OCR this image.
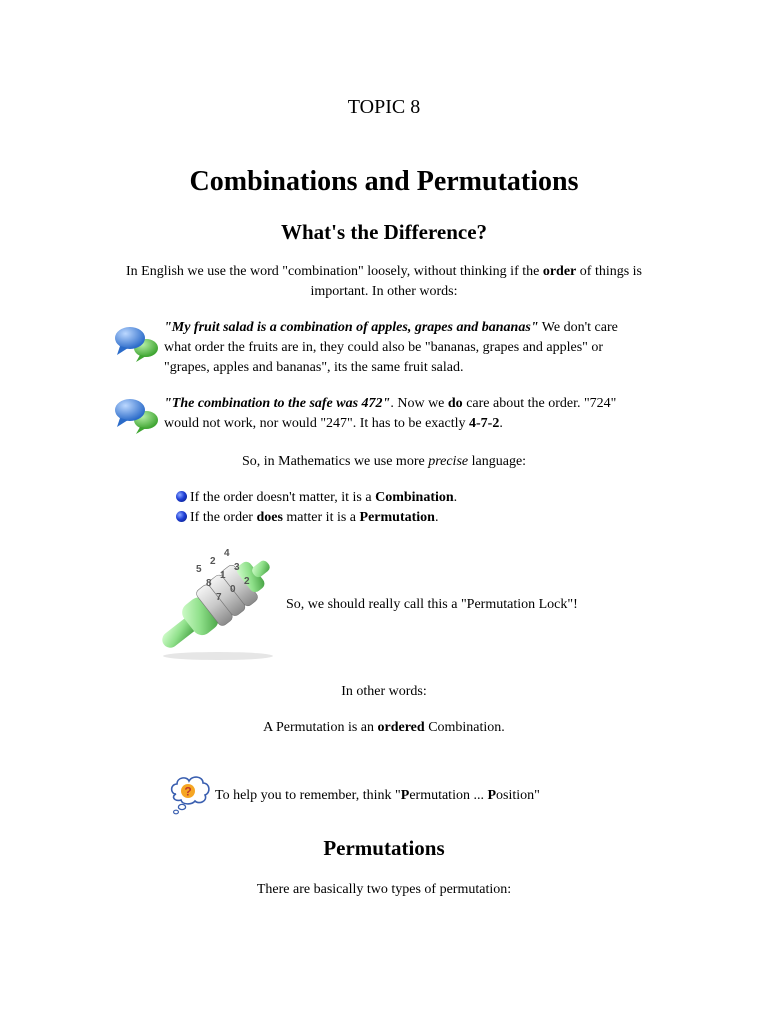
TOPIC 8
Combinations and Permutations
What's the Difference?
In English we use the word "combination" loosely, without thinking if the order of things is important. In other words:
"My fruit salad is a combination of apples, grapes and bananas" We don't care what order the fruits are in, they could also be "bananas, grapes and apples" or "grapes, apples and bananas", its the same fruit salad.
"The combination to the safe was 472". Now we do care about the order. "724" would not work, nor would "247". It has to be exactly 4-7-2.
So, in Mathematics we use more precise language:
If the order doesn't matter, it is a Combination.
If the order does matter it is a Permutation.
5
2
4
8
1
3
7
0
2
So, we should really call this a "Permutation Lock"!
In other words:
A Permutation is an ordered Combination.
? To help you to remember, think "Permutation ... Position"
Permutations
There are basically two types of permutation:
